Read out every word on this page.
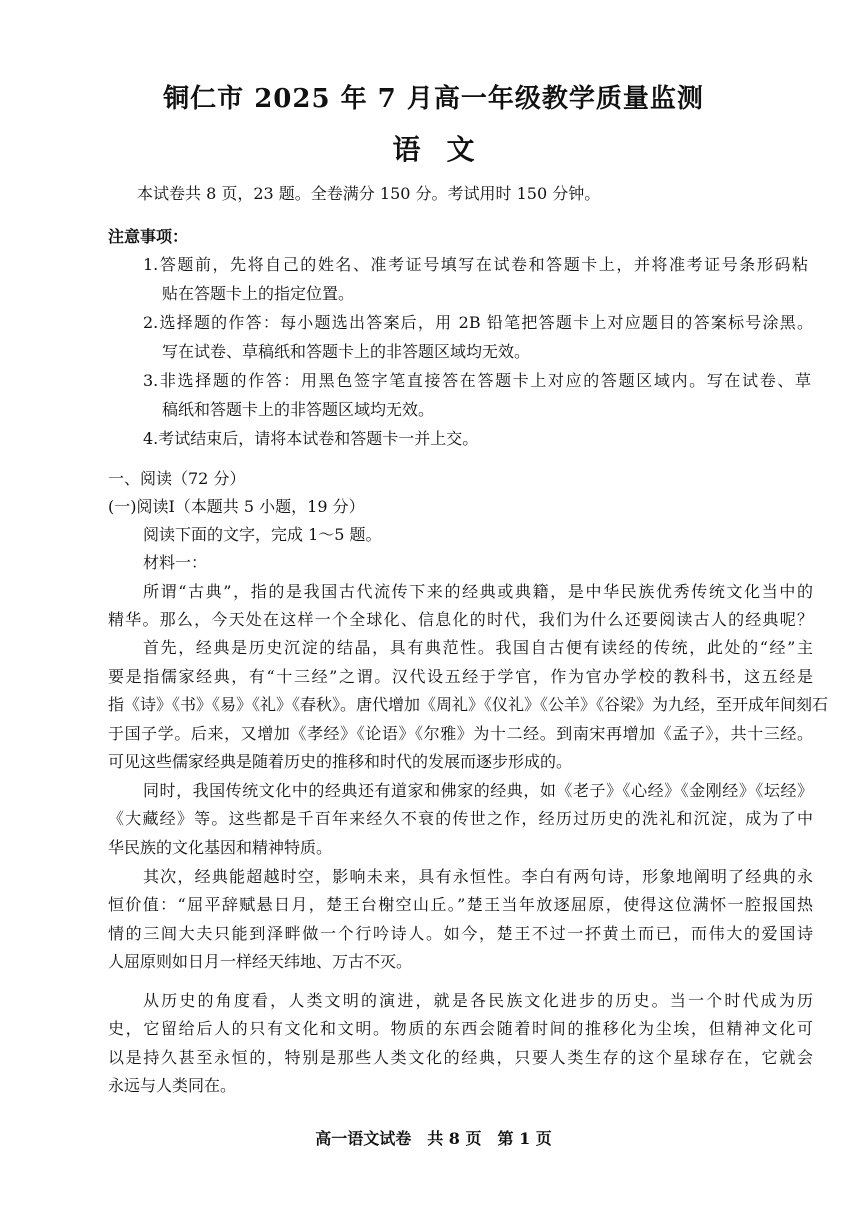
铜仁市 2025 年 7 月高一年级教学质量监测
语文
本试卷共 8 页，23 题。全卷满分 150 分。考试用时 150 分钟。
注意事项：
1.答题前，先将自己的姓名、准考证号填写在试卷和答题卡上，并将准考证号条形码粘
贴在答题卡上的指定位置。
2.选择题的作答：每小题选出答案后，用 2B 铅笔把答题卡上对应题目的答案标号涂黑。
写在试卷、草稿纸和答题卡上的非答题区域均无效。
3.非选择题的作答：用黑色签字笔直接答在答题卡上对应的答题区域内。写在试卷、草
稿纸和答题卡上的非答题区域均无效。
4.考试结束后，请将本试卷和答题卡一并上交。
一、阅读（72 分）
(一)阅读Ⅰ（本题共 5 小题，19 分）
阅读下面的文字，完成 1～5 题。
材料一：
所谓“古典”，指的是我国古代流传下来的经典或典籍，是中华民族优秀传统文化当中的
精华。那么，今天处在这样一个全球化、信息化的时代，我们为什么还要阅读古人的经典呢？
首先，经典是历史沉淀的结晶，具有典范性。我国自古便有读经的传统，此处的“经”主
要是指儒家经典，有“十三经”之谓。汉代设五经于学官，作为官办学校的教科书，这五经是
指《诗》《书》《易》《礼》《春秋》。唐代增加《周礼》《仪礼》《公羊》《谷梁》为九经，至开成年间刻石
于国子学。后来，又增加《孝经》《论语》《尔雅》为十二经。到南宋再增加《孟子》，共十三经。
可见这些儒家经典是随着历史的推移和时代的发展而逐步形成的。
同时，我国传统文化中的经典还有道家和佛家的经典，如《老子》《心经》《金刚经》《坛经》
《大藏经》等。这些都是千百年来经久不衰的传世之作，经历过历史的洗礼和沉淀，成为了中
华民族的文化基因和精神特质。
其次，经典能超越时空，影响未来，具有永恒性。李白有两句诗，形象地阐明了经典的永
恒价值：“屈平辞赋悬日月，楚王台榭空山丘。”楚王当年放逐屈原，使得这位满怀一腔报国热
情的三闾大夫只能到泽畔做一个行吟诗人。如今，楚王不过一抔黄土而已，而伟大的爱国诗
人屈原则如日月一样经天纬地、万古不灭。
从历史的角度看，人类文明的演进，就是各民族文化进步的历史。当一个时代成为历
史，它留给后人的只有文化和文明。物质的东西会随着时间的推移化为尘埃，但精神文化可
以是持久甚至永恒的，特别是那些人类文化的经典，只要人类生存的这个星球存在，它就会
永远与人类同在。
高一语文试卷　共 8 页　第 1 页
